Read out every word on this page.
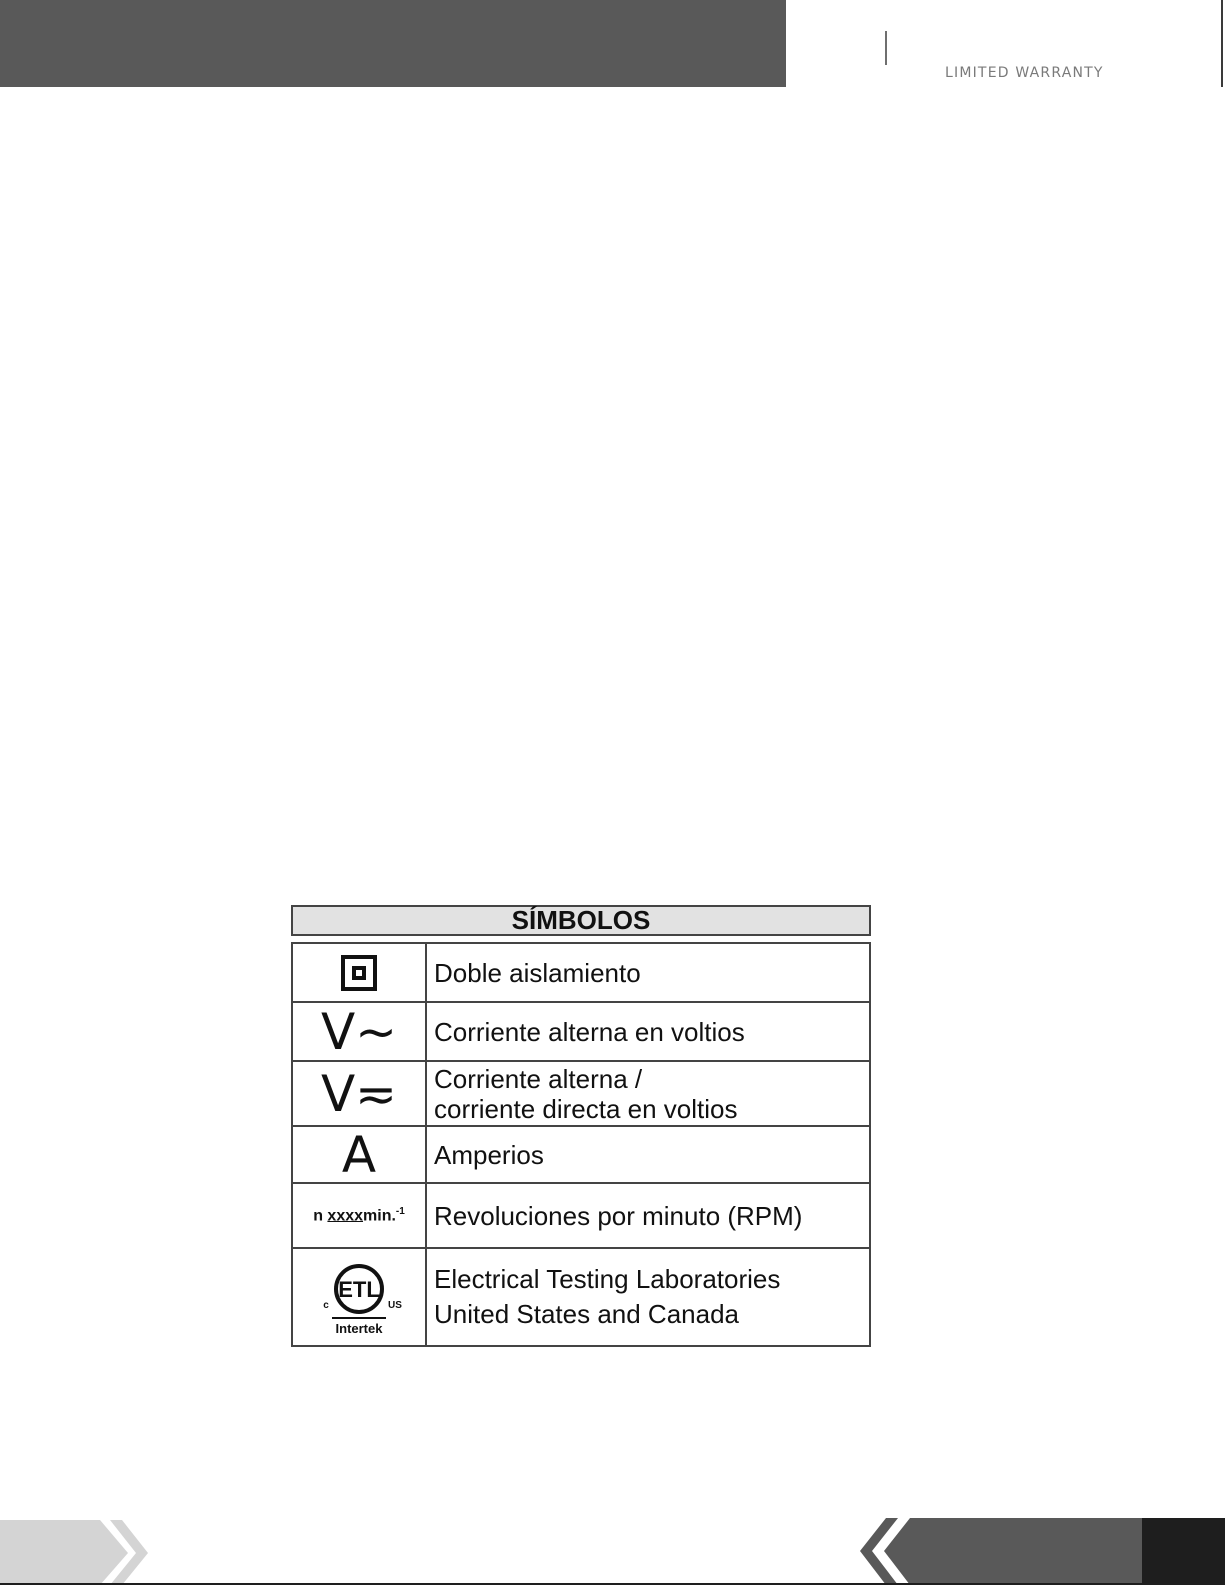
LIMITED WARRANTY
SÍMBOLOS
Doble aislamiento
V~ Corriente alterna en voltios
V≂ Corriente alterna /
corriente directa en voltios
A Amperios
n xxxxmin.$^{-1}$ Revoluciones por minuto (RPM)
ETL
c	US
Intertek
Electrical Testing Laboratories
United States and Canada
